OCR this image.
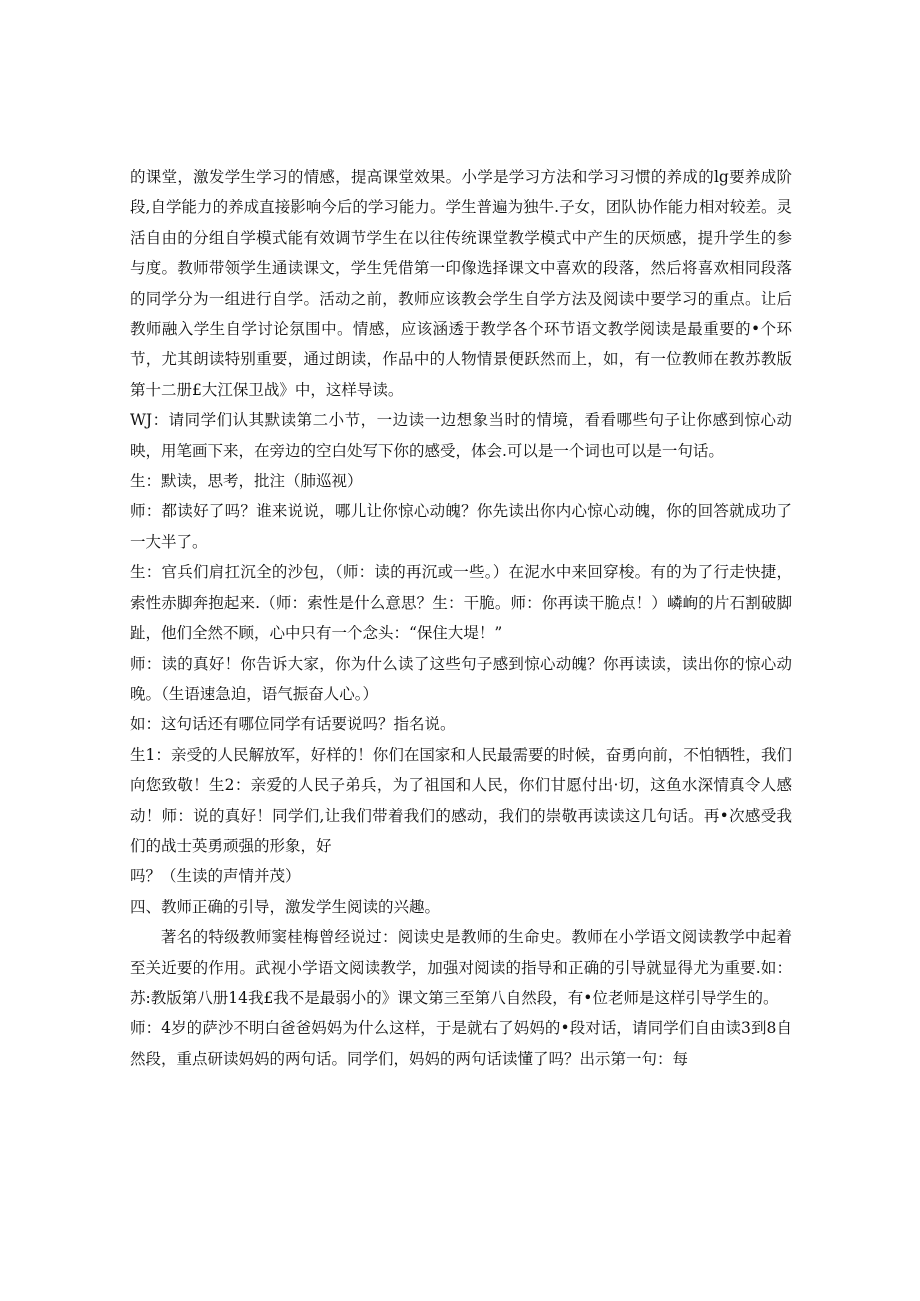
的课堂，激发学生学习的情感，提高课堂效果。小学是学习方法和学习习惯的养成的lg要养成阶段,自学能力的养成直接影响今后的学习能力。学生普遍为独牛.子女，团队协作能力相对较差。灵活自由的分组自学模式能有效调节学生在以往传统课堂教学模式中产生的厌烦感，提升学生的参与度。教师带领学生通读课文，学生凭借第一印像选择课文中喜欢的段落，然后将喜欢相同段落的同学分为一组进行自学。活动之前，教师应该教会学生自学方法及阅读中要学习的重点。让后教师融入学生自学讨论氛围中。情感，应该涵透于教学各个环节语文教学阅读是最重要的•个环节，尤其朗读特别重要，通过朗读，作品中的人物情景便跃然而上，如，有一位教师在教苏教版第十二册£大江保卫战》中，这样导读。

WJ：请同学们认其默读第二小节，一边读一边想象当时的情境，看看哪些句子让你感到惊心动映，用笔画下来，在旁边的空白处写下你的感受，体会.可以是一个词也可以是一句话。

生：默读，思考，批注（肺巡视）

师：都读好了吗？谁来说说，哪儿让你惊心动魄？你先读出你内心惊心动魄，你的回答就成功了一大半了。

生：官兵们肩扛沉全的沙包，（师：读的再沉或一些。）在泥水中来回穿梭。有的为了行走快捷，索性赤脚奔抱起来.（师：索性是什么意思？生：干脆。师：你再读干脆点！）嶙峋的片石割破脚趾，他们全然不顾，心中只有一个念头：“保住大堤！”

师：读的真好！你告诉大家，你为什么读了这些句子感到惊心动魄？你再读读，读出你的惊心动晚。（生语速急迫，语气振奋人心。）

如：这句话还有哪位同学有话要说吗？指名说。

生1：亲受的人民解放军，好样的！你们在国家和人民最需要的时候，奋勇向前，不怕牺牲，我们向您致敬！生2：亲爱的人民子弟兵，为了祖国和人民，你们甘愿付出·切，这鱼水深情真令人感动！师：说的真好！同学们,让我们带着我们的感动，我们的崇敬再读读这几句话。再•次感受我们的战士英勇顽强的形象，好

吗？（生读的声情并茂）

四、教师正确的引导，激发学生阅读的兴趣。

著名的特级教师窦桂梅曾经说过：阅读史是教师的生命史。教师在小学语文阅读教学中起着至关近要的作用。武视小学语文阅读教学，加强对阅读的指导和正确的引导就显得尤为重要.如：苏:教版第八册14我£我不是最弱小的》课文第三至第八自然段，有•位老师是这样引导学生的。

师：4岁的萨沙不明白爸爸妈妈为什么这样，于是就右了妈妈的•段对话，请同学们自由读3到8自然段，重点研读妈妈的两句话。同学们，妈妈的两句话读懂了吗？出示第一句：每
